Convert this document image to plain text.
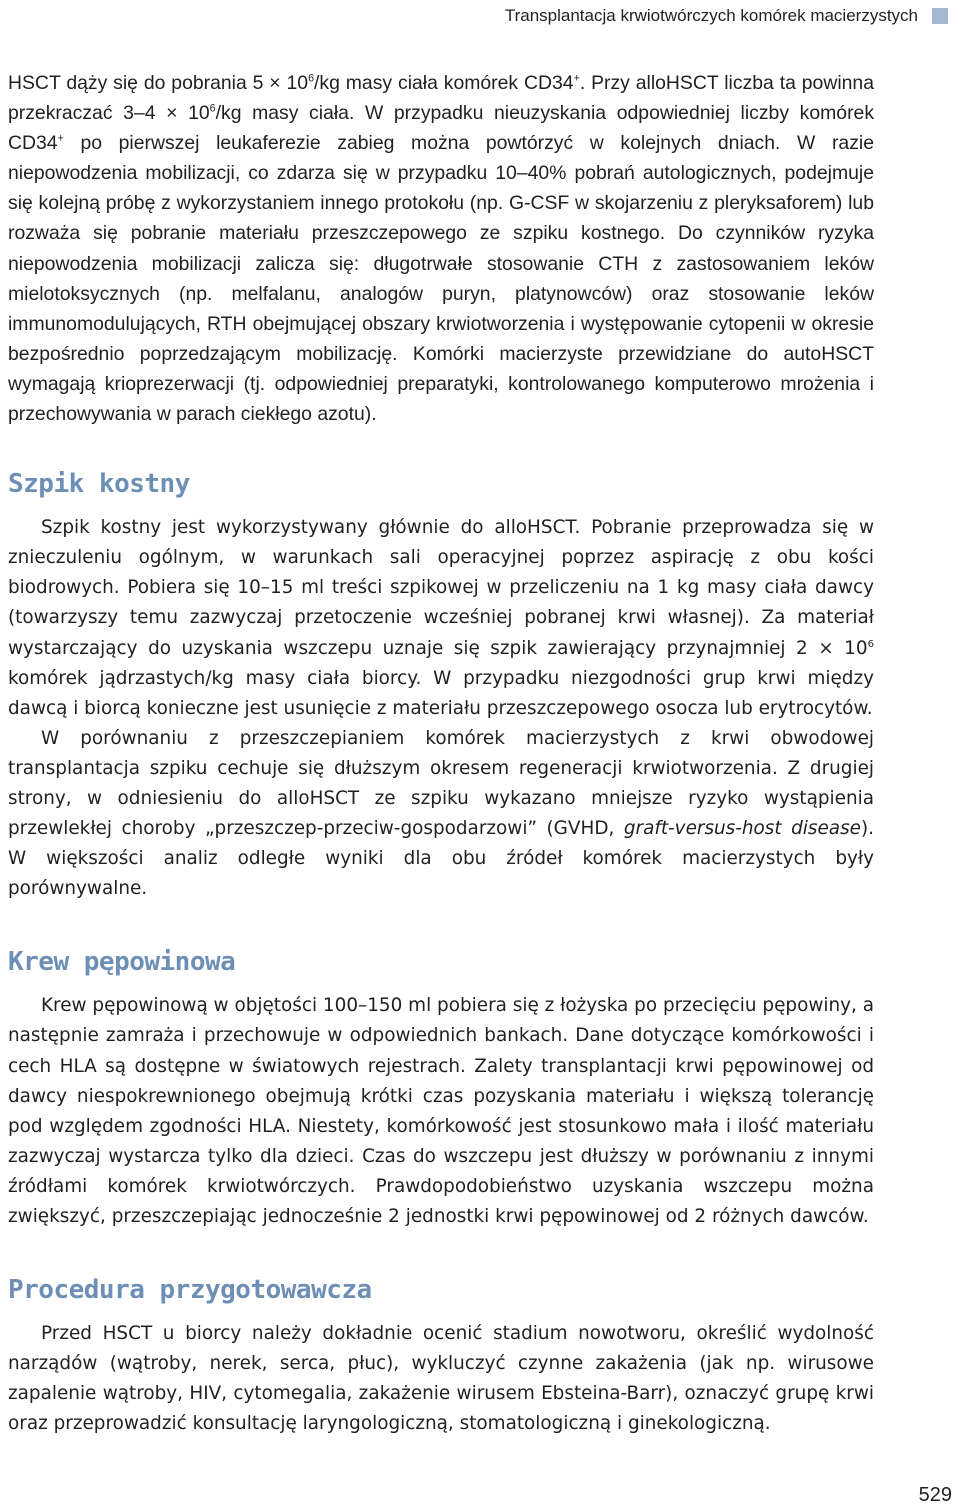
Transplantacja krwiotwórczych komórek macierzystych

HSCT dąży się do pobrania $5 \times 10^6/kg$ masy ciała komórek CD34+. Przy alloHSCT liczba ta powinna przekraczać $3-4 \times 10^6/kg$ masy ciała. W przypadku nieuzyskania odpowiedniej liczby komórek CD34+ po pierwszej leukaferezie zabieg można powtórzyć w kolejnych dniach. W razie niepowodzenia mobilizacji, co zdarza się w przypadku 10–40% pobrań autologicznych, podejmuje się kolejną próbę z wykorzystaniem innego protokołu (np. G-CSF w skojarzeniu z pleryksaforem) lub rozważa się pobranie materiału przeszczepowego ze szpiku kostnego. Do czynników ryzyka niepowodzenia mobilizacji zalicza się: długotrwałe stosowanie CTH z zastosowaniem leków mielotoksycznych (np. melfalanu, analogów puryn, platynowców) oraz stosowanie leków immunomodulujących, RTH obejmującej obszary krwiotworzenia i występowanie cytopenii w okresie bezpośrednio poprzedzającym mobilizację. Komórki macierzyste przewidziane do autoHSCT wymagają krioprezerwacji (tj. odpowiedniej preparatyki, kontrolowanego komputerowo mrożenia i przechowywania w parach ciekłego azotu).

Szpik kostny

Szpik kostny jest wykorzystywany głównie do alloHSCT. Pobranie przeprowadza się w znieczuleniu ogólnym, w warunkach sali operacyjnej poprzez aspirację z obu kości biodrowych. Pobiera się 10–15 ml treści szpikowej w przeliczeniu na 1 kg masy ciała dawcy (towarzyszy temu zazwyczaj przetoczenie wcześniej pobranej krwi własnej). Za materiał wystarczający do uzyskania wszczepu uznaje się szpik zawierający przynajmniej $2 \times 10^6$ komórek jądrzastych/kg masy ciała biorcy. W przypadku niezgodności grup krwi między dawcą i biorcą konieczne jest usunięcie z materiału przeszczepowego osocza lub erytrocytów.

W porównaniu z przeszczepianiem komórek macierzystych z krwi obwodowej transplantacja szpiku cechuje się dłuższym okresem regeneracji krwiotworzenia. Z drugiej strony, w odniesieniu do alloHSCT ze szpiku wykazano mniejsze ryzyko wystąpienia przewlekłej choroby „przeszczep-przeciw-gospodarzowi” (GVHD, graft-versus-host disease). W większości analiz odległe wyniki dla obu źródeł komórek macierzystych były porównywalne.

Krew pępowinowa

Krew pępowinową w objętości 100–150 ml pobiera się z łożyska po przecięciu pępowiny, a następnie zamraża i przechowuje w odpowiednich bankach. Dane dotyczące komórkowości i cech HLA są dostępne w światowych rejestrach. Zalety transplantacji krwi pępowinowej od dawcy niespokrewnionego obejmują krótki czas pozyskania materiału i większą tolerancję pod względem zgodności HLA. Niestety, komórkowość jest stosunkowo mała i ilość materiału zazwyczaj wystarcza tylko dla dzieci. Czas do wszczepu jest dłuższy w porównaniu z innymi źródłami komórek krwiotwórczych. Prawdopodobieństwo uzyskania wszczepu można zwiększyć, przeszczepiając jednocześnie 2 jednostki krwi pępowinowej od 2 różnych dawców.

Procedura przygotowawcza

Przed HSCT u biorcy należy dokładnie ocenić stadium nowotworu, określić wydolność narządów (wątroby, nerek, serca, płuc), wykluczyć czynne zakażenia (jak np. wirusowe zapalenie wątroby, HIV, cytomegalia, zakażenie wirusem Ebsteina-Barr), oznaczyć grupę krwi oraz przeprowadzić konsultację laryngologiczną, stomatologiczną i ginekologiczną.

529
